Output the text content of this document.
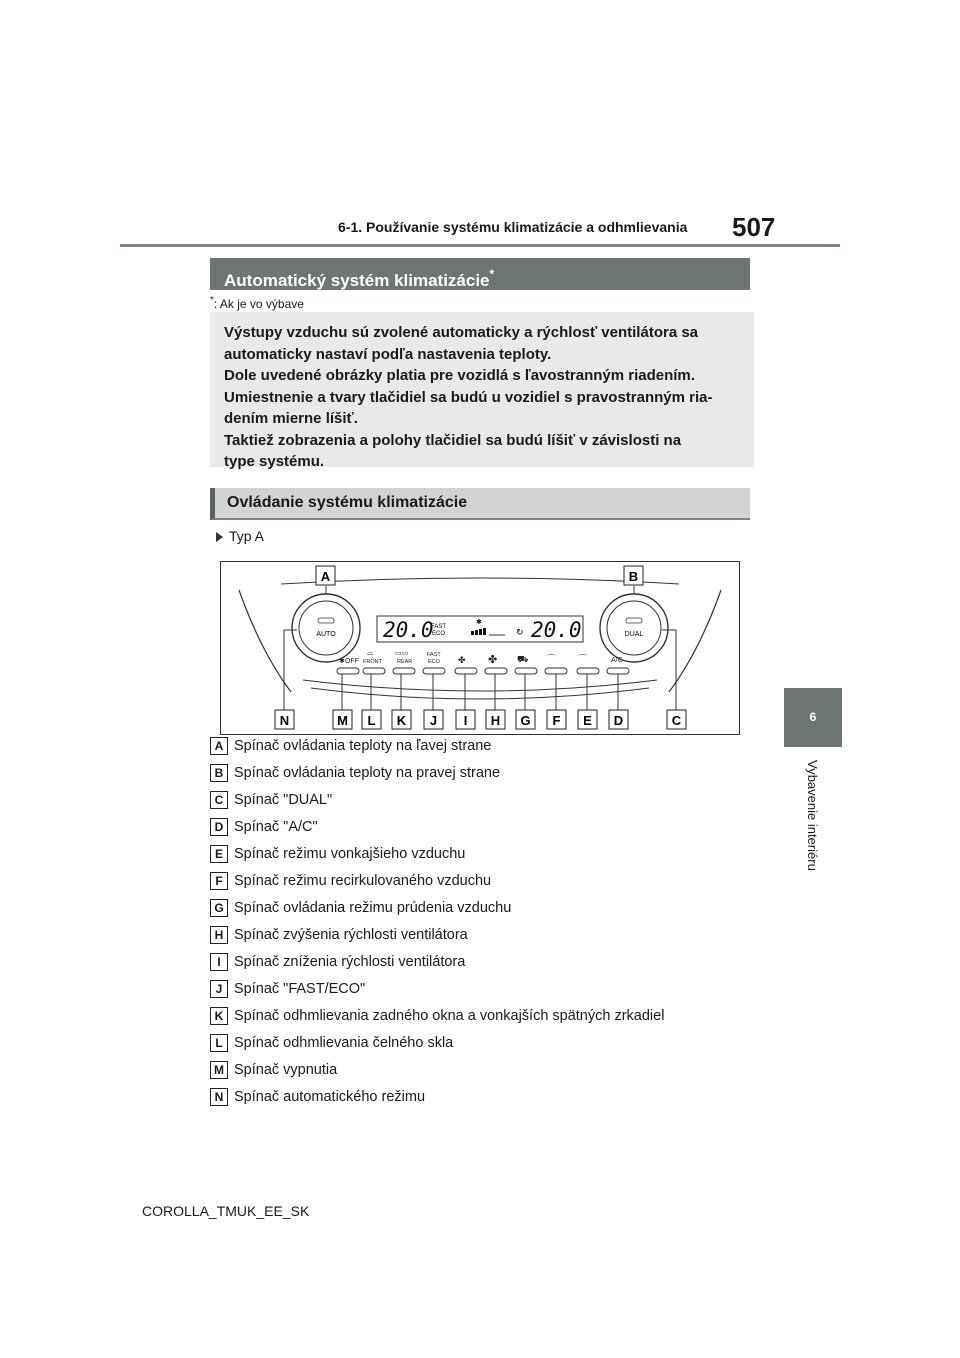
6-1. Používanie systému klimatizácie a odhmlievania 507
6
Vybavenie interiéru
Automatický systém klimatizácie*
*: Ak je vo výbave
Výstupy vzduchu sú zvolené automaticky a rýchlosť ventilátora sa
automaticky nastaví podľa nastavenia teploty.
Dole uvedené obrázky platia pre vozidlá s ľavostranným riadením.
Umiestnenie a tvary tlačidiel sa budú u vozidiel s pravostranným ria-
dením mierne líšiť.
Taktiež zobrazenia a polohy tlačidiel sa budú líšiť v závislosti na
type systému.
Ovládanie systému klimatizácie
Typ A
AUTO	DUAL
20.0
FAST
ECO
✱
↻ 20.0
✱ OFF
⌓
FRONT
▭▭
REAR
FAST
ECO ✤ ✤ ⛟ ⌒ ⌒	A/C
A	B
N	M L K J I H G F E D	C
A Spínač ovládania teploty na ľavej strane
B Spínač ovládania teploty na pravej strane
C Spínač "DUAL"
D Spínač "A/C"
E Spínač režimu vonkajšieho vzduchu
F Spínač režimu recirkulovaného vzduchu
G Spínač ovládania režimu prúdenia vzduchu
H Spínač zvýšenia rýchlosti ventilátora
I Spínač zníženia rýchlosti ventilátora
J Spínač "FAST/ECO"
K Spínač odhmlievania zadného okna a vonkajších spätných zrkadiel
L Spínač odhmlievania čelného skla
M Spínač vypnutia
N Spínač automatického režimu
COROLLA_TMUK_EE_SK
